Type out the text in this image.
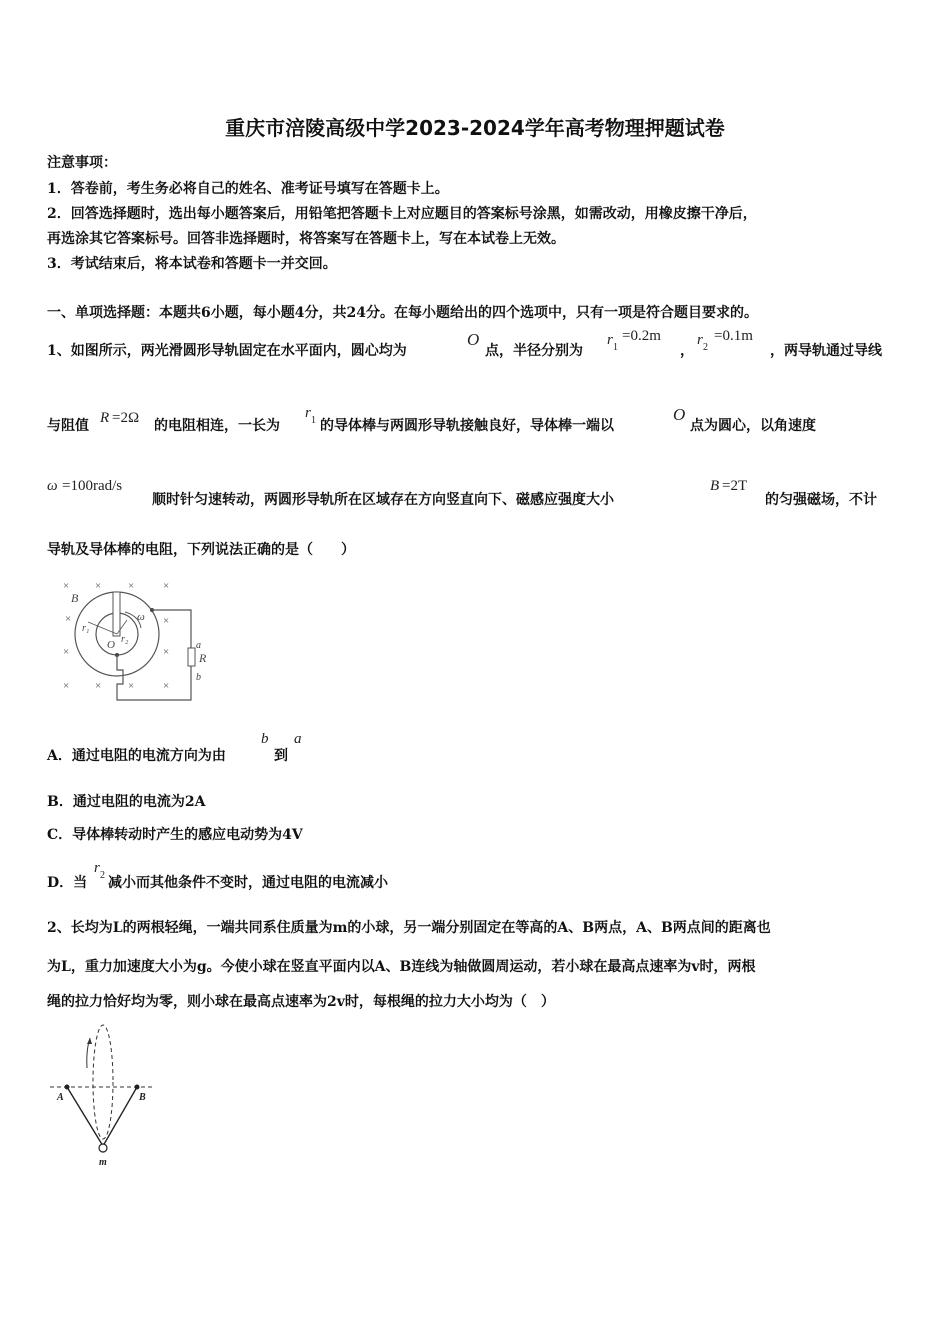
重庆市涪陵高级中学2023-2024学年高考物理押题试卷
注意事项：
1．答卷前，考生务必将自己的姓名、准考证号填写在答题卡上。
2．回答选择题时，选出每小题答案后，用铅笔把答题卡上对应题目的答案标号涂黑，如需改动，用橡皮擦干净后，
再选涂其它答案标号。回答非选择题时，将答案写在答题卡上，写在本试卷上无效。
3．考试结束后，将本试卷和答题卡一并交回。
一、单项选择题：本题共6小题，每小题4分，共24分。在每小题给出的四个选项中，只有一项是符合题目要求的。
1、如图所示，两光滑圆形导轨固定在水平面内，圆心均为
O
点，半径分别为
r 1
=0.2m
，
r 2
=0.1m
，两导轨通过导线
与阻值 R =2Ω 的电阻相连，一长为
r 1 的导体棒与两圆形导轨接触良好，导体棒一端以
O
点为圆心，以角速度
ω =100rad/s
顺时针匀速转动，两圆形导轨所在区域存在方向竖直向下、磁感应强度大小
B =2T
的匀强磁场，不计
导轨及导体棒的电阻，下列说法正确的是（　　）
× × ×	×
×	×
×	×
× × ×	×
B
r₁
r₂
O
ω
a
R
b
A．通过电阻的电流方向为由
b
到
a
B．通过电阻的电流为2A
C．导体棒转动时产生的感应电动势为4V
D．当
r 2 减小而其他条件不变时，通过电阻的电流减小
2、长均为L的两根轻绳，一端共同系住质量为m的小球，另一端分别固定在等高的A、B两点，A、B两点间的距离也
为L，重力加速度大小为g。今使小球在竖直平面内以A、B连线为轴做圆周运动，若小球在最高点速率为v时，两根
绳的拉力恰好均为零，则小球在最高点速率为2v时，每根绳的拉力大小均为（　）
A	B
m
